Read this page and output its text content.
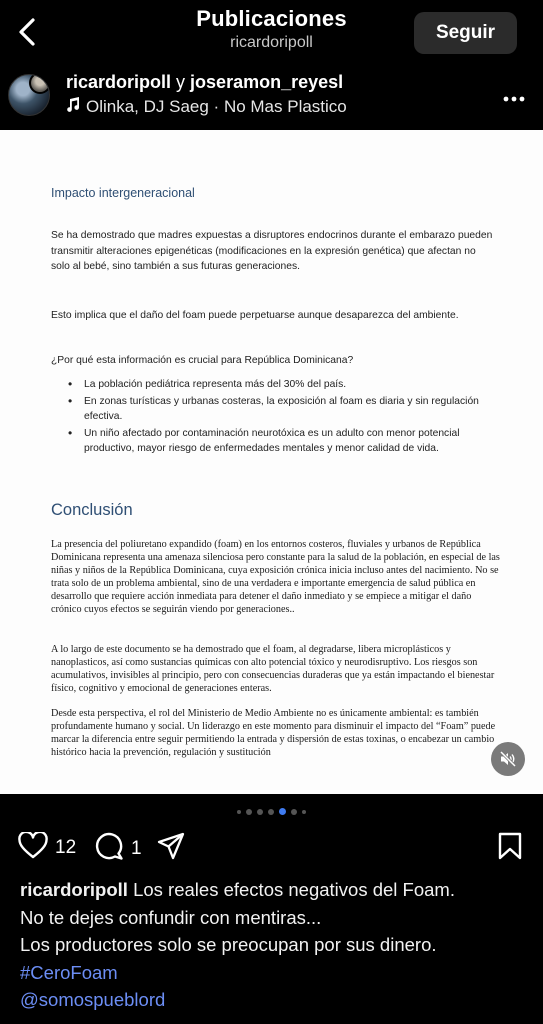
Publicaciones
ricardoripoll	Seguir
ricardoripoll y joseramon_reyesl
Olinka, DJ Saeg · No Mas Plastico
Impacto intergeneracional
Se ha demostrado que madres expuestas a disruptores endocrinos durante el embarazo pueden transmitir alteraciones epigenéticas (modificaciones en la expresión genética) que afectan no solo al bebé, sino también a sus futuras generaciones.
Esto implica que el daño del foam puede perpetuarse aunque desaparezca del ambiente.
¿Por qué esta información es crucial para República Dominicana?
• La población pediátrica representa más del 30% del país.
• En zonas turísticas y urbanas costeras, la exposición al foam es diaria y sin regulación efectiva.
• Un niño afectado por contaminación neurotóxica es un adulto con menor potencial productivo, mayor riesgo de enfermedades mentales y menor calidad de vida.
Conclusión
La presencia del poliuretano expandido (foam) en los entornos costeros, fluviales y urbanos de República Dominicana representa una amenaza silenciosa pero constante para la salud de la población, en especial de las niñas y niños de la República Dominicana, cuya exposición crónica inicia incluso antes del nacimiento. No se trata solo de un problema ambiental, sino de una verdadera e importante emergencia de salud pública en desarrollo que requiere acción inmediata para detener el daño inmediato y se empiece a mitigar el daño crónico cuyos efectos se seguirán viendo por generaciones..
A lo largo de este documento se ha demostrado que el foam, al degradarse, libera microplásticos y nanoplasticos, así como sustancias químicas con alto potencial tóxico y neurodisruptivo. Los riesgos son acumulativos, invisibles al principio, pero con consecuencias duraderas que ya están impactando el bienestar físico, cognitivo y emocional de generaciones enteras.
Desde esta perspectiva, el rol del Ministerio de Medio Ambiente no es únicamente ambiental: es también profundamente humano y social. Un liderazgo en este momento para disminuir el impacto del “Foam” puede marcar la diferencia entre seguir permitiendo la entrada y dispersión de estas toxinas, o encabezar un cambio histórico hacia la prevención, regulación y sustitución
12	1
ricardoripoll Los reales efectos negativos del Foam.
No te dejes confundir con mentiras...
Los productores solo se preocupan por sus dinero.
#CeroFoam
@somospueblord
